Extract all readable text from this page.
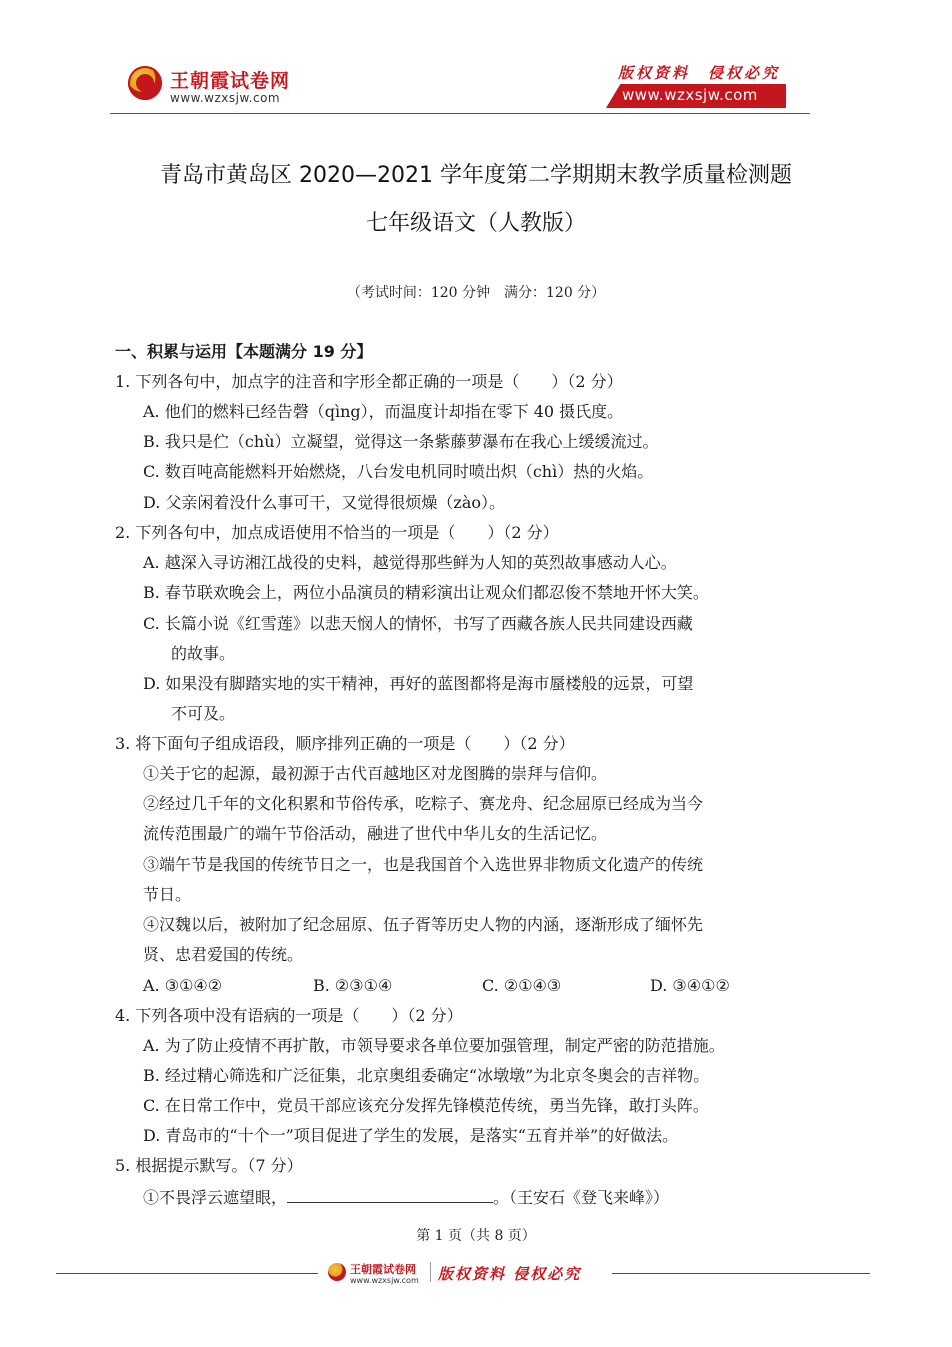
王朝霞试卷网
www.wzxsjw.com
版权资料　侵权必究
www.wzxsjw.com
青岛市黄岛区 2020—2021 学年度第二学期期末教学质量检测题
七年级语文（人教版）
（考试时间：120 分钟　满分：120 分）
一、积累与运用【本题满分 19 分】
1. 下列各句中，加点字的注音和字形全都正确的一项是（　　）（2 分）
A. 他们的燃料已经告磬（qìng），而温度计却指在零下 40 摄氏度。
B. 我只是伫（chù）立凝望，觉得这一条紫藤萝瀑布在我心上缓缓流过。
C. 数百吨高能燃料开始燃烧，八台发电机同时喷出炽（chì）热的火焰。
D. 父亲闲着没什么事可干，又觉得很烦燥（zào）。
2. 下列各句中，加点成语使用不恰当的一项是（　　）（2 分）
A. 越深入寻访湘江战役的史料，越觉得那些鲜为人知的英烈故事感动人心。
B. 春节联欢晚会上，两位小品演员的精彩演出让观众们都忍俊不禁地开怀大笑。
C. 长篇小说《红雪莲》以悲天悯人的情怀，书写了西藏各族人民共同建设西藏
的故事。
D. 如果没有脚踏实地的实干精神，再好的蓝图都将是海市蜃楼般的远景，可望
不可及。
3. 将下面句子组成语段，顺序排列正确的一项是（　　）（2 分）
①关于它的起源，最初源于古代百越地区对龙图腾的崇拜与信仰。
②经过几千年的文化积累和节俗传承，吃粽子、赛龙舟、纪念屈原已经成为当今
流传范围最广的端午节俗活动，融进了世代中华儿女的生活记忆。
③端午节是我国的传统节日之一，也是我国首个入选世界非物质文化遗产的传统
节日。
④汉魏以后，被附加了纪念屈原、伍子胥等历史人物的内涵，逐渐形成了缅怀先
贤、忠君爱国的传统。
A. ③①④②	B. ②③①④	C. ②①④③	D. ③④①②
4. 下列各项中没有语病的一项是（　　）（2 分）
A. 为了防止疫情不再扩散，市领导要求各单位要加强管理，制定严密的防范措施。
B. 经过精心筛选和广泛征集，北京奥组委确定“冰墩墩”为北京冬奥会的吉祥物。
C. 在日常工作中，党员干部应该充分发挥先锋模范传统，勇当先锋，敢打头阵。
D. 青岛市的“十个一”项目促进了学生的发展，是落实“五育并举”的好做法。
5. 根据提示默写。（7 分）
①不畏浮云遮望眼，	。（王安石《登飞来峰》）
第 1 页（共 8 页）
王朝霞试卷网
www.wzxsjw.com 版权资料 侵权必究
